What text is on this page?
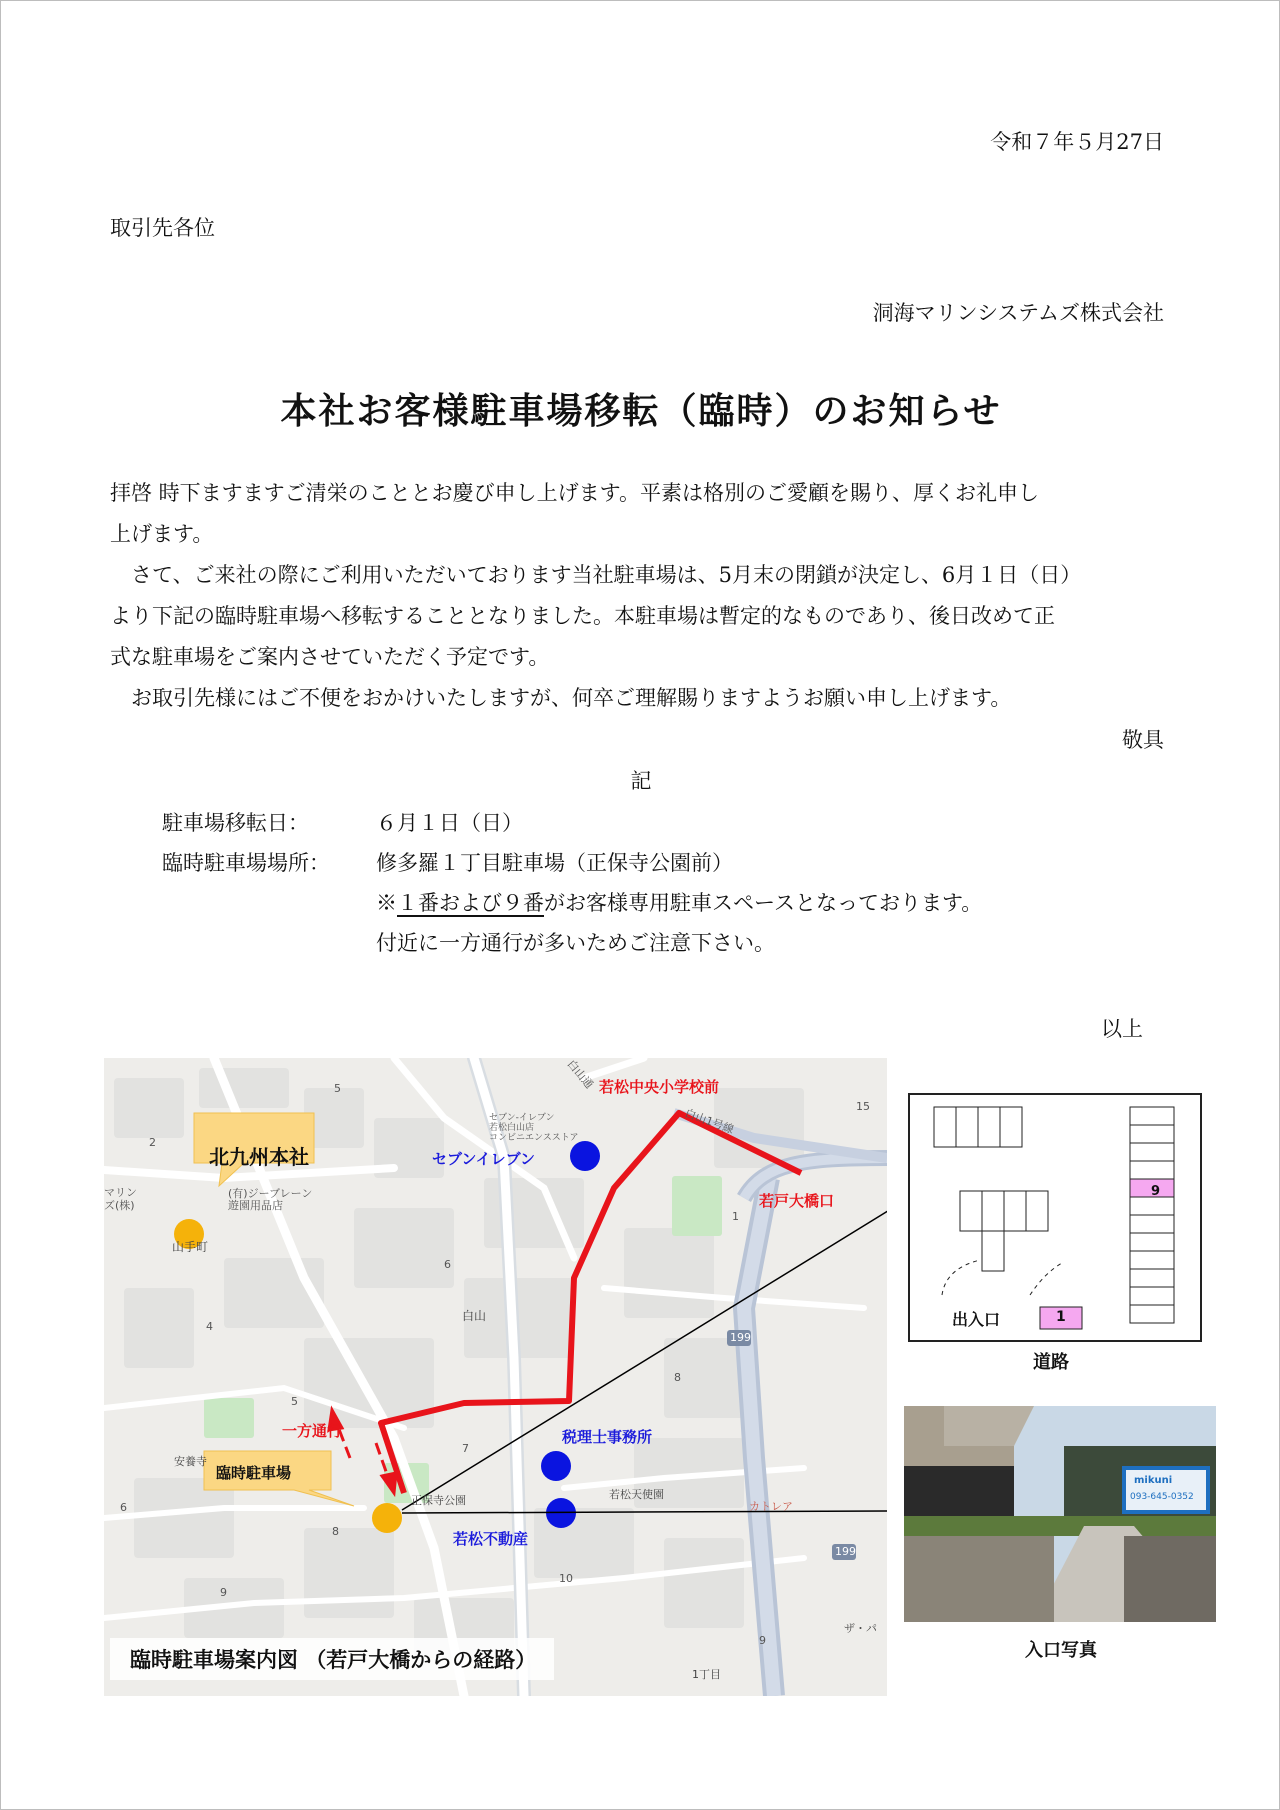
令和７年５月27日
取引先各位
洞海マリンシステムズ株式会社
本社お客様駐車場移転（臨時）のお知らせ
拝啓 時下ますますご清栄のこととお慶び申し上げます。平素は格別のご愛顧を賜り、厚くお礼申し
上げます。
さて、ご来社の際にご利用いただいております当社駐車場は、5月末の閉鎖が決定し、6月１日（日）
より下記の臨時駐車場へ移転することとなりました。本駐車場は暫定的なものであり、後日改めて正
式な駐車場をご案内させていただく予定です。
お取引先様にはご不便をおかけいたしますが、何卒ご理解賜りますようお願い申し上げます。
敬具
記
駐車場移転日：	６月１日（日）
臨時駐車場場所： 修多羅１丁目駐車場（正保寺公園前）
※１番および９番がお客様専用駐車スペースとなっております。
付近に一方通行が多いためご注意下さい。
以上
北九州本社
臨時駐車場
一方通行
セブンイレブン
若松中央小学校前
若戸大橋口
税理士事務所
若松不動産
山手町
白山
安養寺
正保寺公園	若松天使園
セブン-イレブン
若松白山店
コンビニエンスストア
(有)ジーブレーン
遊園用品店
マリン
ズ(株)
白山1号線
白山通
199
199
1丁目
カトレア
ザ・パ
5
2
6
4
5
7
8
6
8
9
10
9
1
15
臨時駐車場案内図 （若戸大橋からの経路）
9
1
出入口
道路
mikuni
093-645-0352
入口写真
